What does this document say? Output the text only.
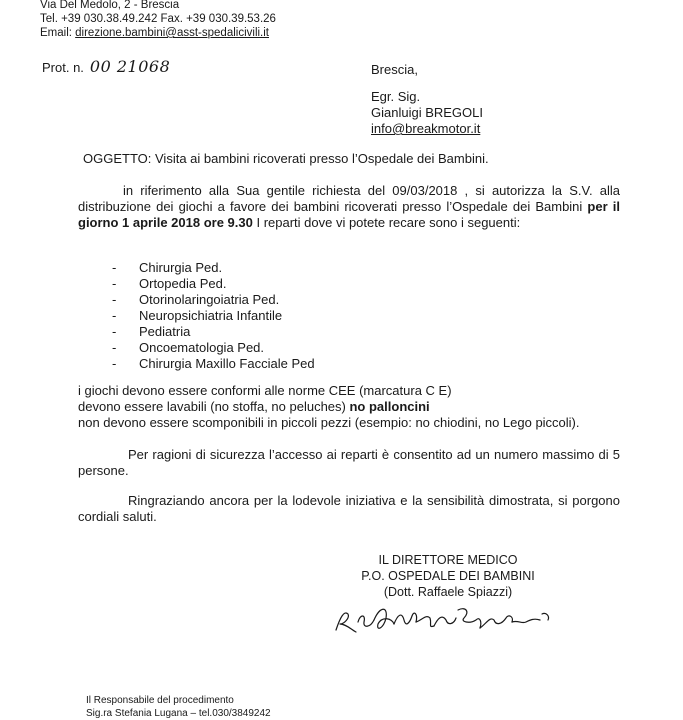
Via Del Medolo, 2 - Brescia
Tel. +39 030.38.49.242 Fax. +39 030.39.53.26
Email: direzione.bambini@asst-spedalicivili.it
Prot. n. 00 21068	Brescia,
Egr. Sig.
Gianluigi BREGOLI
info@breakmotor.it
OGGETTO: Visita ai bambini ricoverati presso l’Ospedale dei Bambini.
in riferimento alla Sua gentile richiesta del 09/03/2018 , si autorizza la S.V. alla distribuzione dei giochi a favore dei bambini ricoverati presso l’Ospedale dei Bambini per il giorno 1 aprile 2018 ore 9.30 I reparti dove vi potete recare sono i seguenti:
- Chirurgia Ped.
- Ortopedia Ped.
- Otorinolaringoiatria Ped.
- Neuropsichiatria Infantile
- Pediatria
- Oncoematologia Ped.
- Chirurgia Maxillo Facciale Ped
i giochi devono essere conformi alle norme CEE (marcatura C E)
devono essere lavabili (no stoffa, no peluches) no palloncini
non devono essere scomponibili in piccoli pezzi (esempio: no chiodini, no Lego piccoli).
Per ragioni di sicurezza l’accesso ai reparti è consentito ad un numero massimo di 5 persone.
Ringraziando ancora per la lodevole iniziativa e la sensibilità dimostrata, si porgono cordiali saluti.
IL DIRETTORE MEDICO
P.O. OSPEDALE DEI BAMBINI
(Dott. Raffaele Spiazzi)
Il Responsabile del procedimento
Sig.ra Stefania Lugana – tel.030/3849242
